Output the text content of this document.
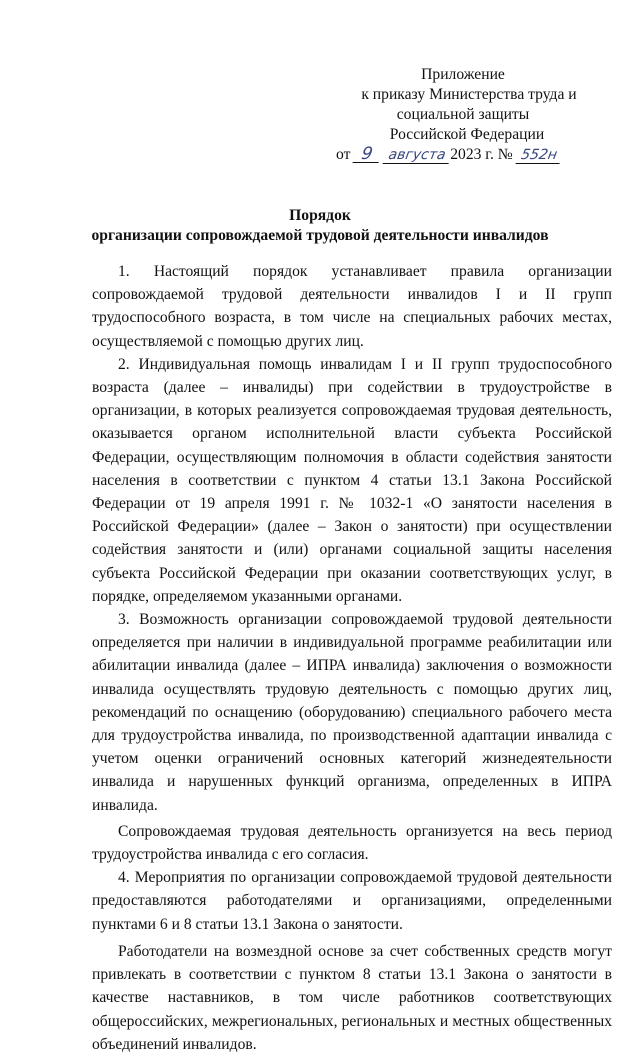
Приложение
к приказу Министерства труда и
социальной защиты
Российской Федерации
от 9 августа 2023 г. № 552н
Порядок
организации сопровождаемой трудовой деятельности инвалидов

1. Настоящий порядок устанавливает правила организации сопровождаемой трудовой деятельности инвалидов I и II групп трудоспособного возраста, в том числе на специальных рабочих местах, осуществляемой с помощью других лиц.

2. Индивидуальная помощь инвалидам I и II групп трудоспособного возраста (далее – инвалиды) при содействии в трудоустройстве в организации, в которых реализуется сопровождаемая трудовая деятельность, оказывается органом исполнительной власти субъекта Российской Федерации, осуществляющим полномочия в области содействия занятости населения в соответствии с пунктом 4 статьи 13.1 Закона Российской Федерации от 19 апреля 1991 г. № 1032-1 «О занятости населения в Российской Федерации» (далее – Закон о занятости) при осуществлении содействия занятости и (или) органами социальной защиты населения субъекта Российской Федерации при оказании соответствующих услуг, в порядке, определяемом указанными органами.

3. Возможность организации сопровождаемой трудовой деятельности определяется при наличии в индивидуальной программе реабилитации или абилитации инвалида (далее – ИПРА инвалида) заключения о возможности инвалида осуществлять трудовую деятельность с помощью других лиц, рекомендаций по оснащению (оборудованию) специального рабочего места для трудоустройства инвалида, по производственной адаптации инвалида с учетом оценки ограничений основных категорий жизнедеятельности инвалида и нарушенных функций организма, определенных в ИПРА инвалида.

Сопровождаемая трудовая деятельность организуется на весь период трудоустройства инвалида с его согласия.

4. Мероприятия по организации сопровождаемой трудовой деятельности предоставляются работодателями и организациями, определенными пунктами 6 и 8 статьи 13.1 Закона о занятости.

Работодатели на возмездной основе за счет собственных средств могут привлекать в соответствии с пунктом 8 статьи 13.1 Закона о занятости в качестве наставников, в том числе работников соответствующих общероссийских, межрегиональных, региональных и местных общественных объединений инвалидов.
